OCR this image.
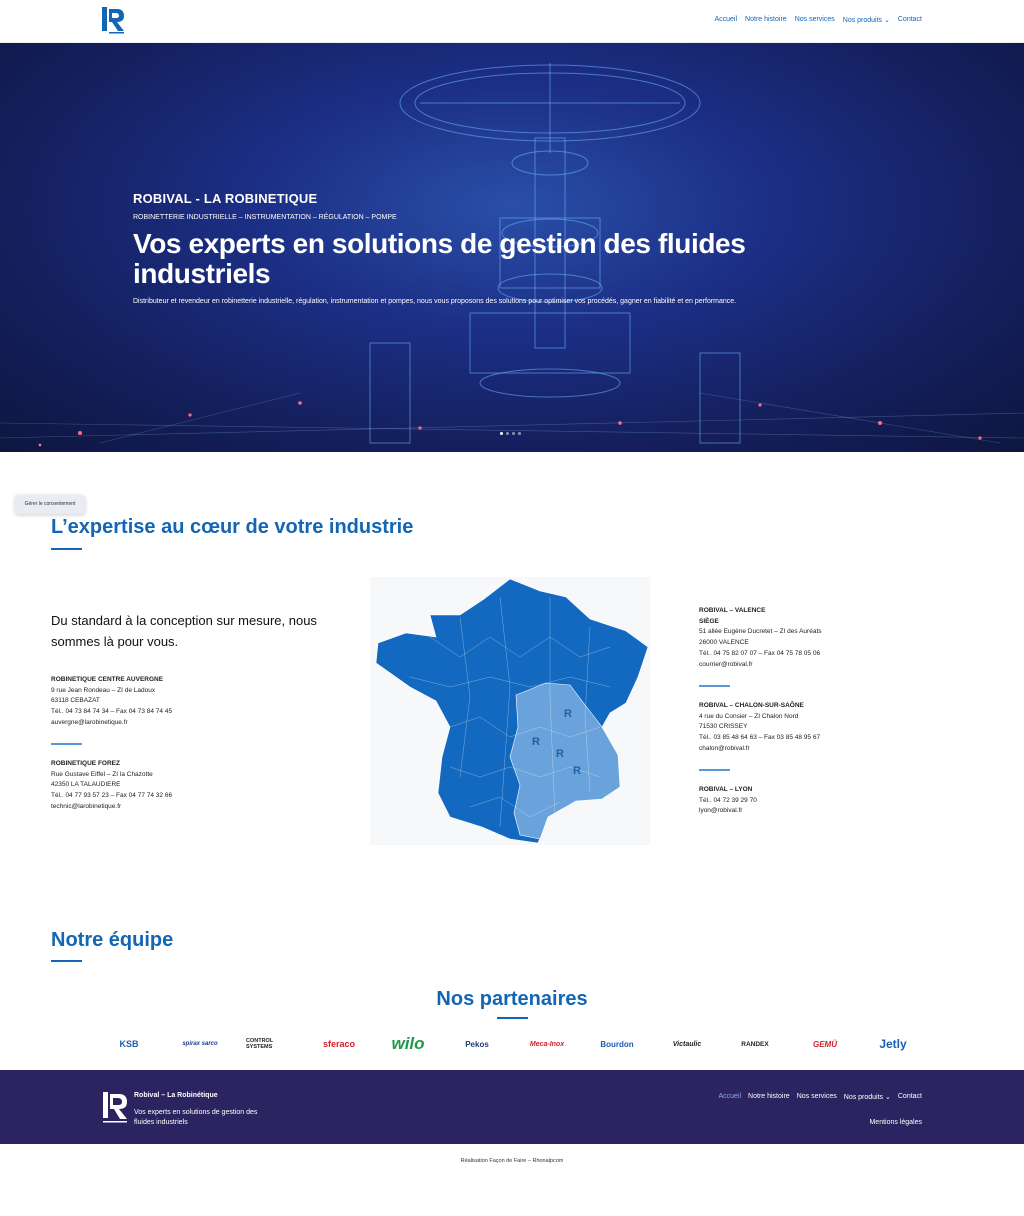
Accueil Notre histoire Nos services Nos produits ⌄ Contact
ROBIVAL - LA ROBINETIQUE
ROBINETTERIE INDUSTRIELLE – INSTRUMENTATION – RÉGULATION – POMPE
Vos experts en solutions de gestion des fluides industriels

Distributeur et revendeur en robinetterie industrielle, régulation, instrumentation et pompes, nous vous proposons des solutions pour optimiser vos procédés, gagner en fiabilité et en performance.

Gérer le consentement
L’expertise au cœur de votre industrie

Du standard à la conception sur mesure, nous sommes là pour vous.

ROBINETIQUE CENTRE AUVERGNE
9 rue Jean Rondeau – ZI de Ladoux
63118 CEBAZAT
Tél.. 04 73 84 74 34 – Fax 04 73 84 74 45
auvergne@larobinetique.fr
ROBINETIQUE FOREZ
Rue Gustave Eiffel – ZI la Chazotte
42350 LA TALAUDIERE
Tél.. 04 77 93 57 23 – Fax 04 77 74 32 66
technic@larobinetique.fr
R
R
R
R
ROBIVAL – VALENCE
SIÈGE
51 allée Eugène Ducretet – ZI des Auréats
26000 VALENCE
Tél.. 04 75 82 07 07 – Fax 04 75 78 05 06
courrier@robival.fr
ROBIVAL – CHALON-SUR-SAÔNE
4 rue du Consier – ZI Chalon Nord
71530 CRISSEY
Tél.. 03 85 48 64 63 – Fax 03 85 48 95 67
chalon@robival.fr
ROBIVAL – LYON
Tél.. 04 72 39 29 70
lyon@robival.fr
Notre équipe
Nos partenaires
KSB	spirax sarco	CONTROL SYSTEMS	sferaco	wilo	Pekos	Meca-Inox	Bourdon	Victaulic	RANDEX	GEMÜ	Jetly
Robival – La Robinétique
Vos experts en solutions de gestion des fluides industriels
Accueil Notre histoire Nos services Nos produits ⌄ Contact
Mentions légales
Réalisation Façon de Faire – Rhonalpcom
